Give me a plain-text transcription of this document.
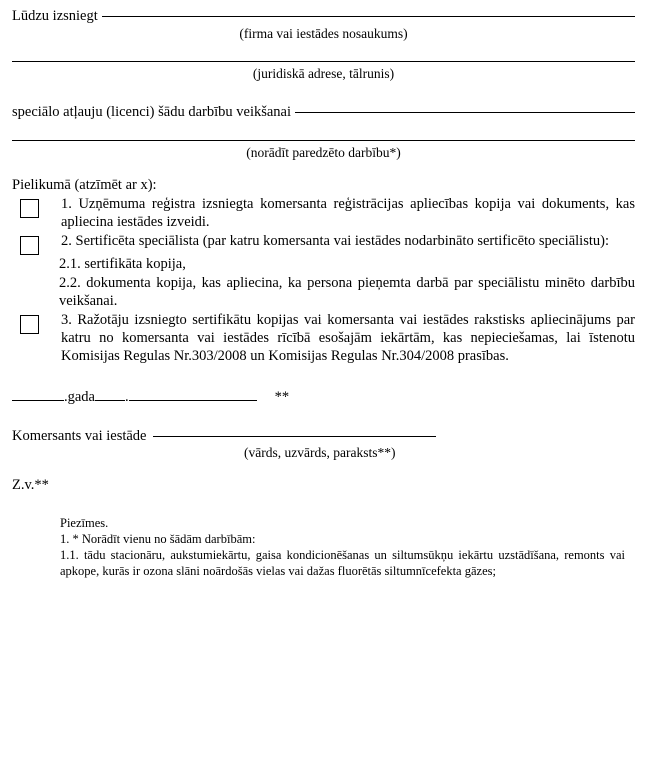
Lūdzu izsniegt
(firma vai iestādes nosaukums)
(juridiskā adrese, tālrunis)
speciālo atļauju (licenci) šādu darbību veikšanai
(norādīt paredzēto darbību*)
Pielikumā (atzīmēt ar x):
1. Uzņēmuma reģistra izsniegta komersanta reģistrācijas apliecības kopija vai dokuments, kas apliecina iestādes izveidi.
2. Sertificēta speciālista (par katru komersanta vai iestādes nodarbināto sertificēto speciālistu):
2.1. sertifikāta kopija,
2.2. dokumenta kopija, kas apliecina, ka persona pieņemta darbā par speciālistu minēto darbību veikšanai.
3. Ražotāju izsniegto sertifikātu kopijas vai komersanta vai iestādes rakstisks apliecinājums par katru no komersanta vai iestādes rīcībā esošajām iekārtām, kas nepieciešamas, lai īstenotu Komisijas Regulas Nr.303/2008 un Komisijas Regulas Nr.304/2008 prasības.
.gada .	**
Komersants vai iestāde
(vārds, uzvārds, paraksts**)
Z.v.**
Piezīmes.
1. * Norādīt vienu no šādām darbībām:
1.1. tādu stacionāru, aukstumiekārtu, gaisa kondicionēšanas un siltumsūkņu iekārtu uzstādīšana, remonts vai apkope, kurās ir ozona slāni noārdošās vielas vai dažas fluorētās siltumnīcefekta gāzes;
